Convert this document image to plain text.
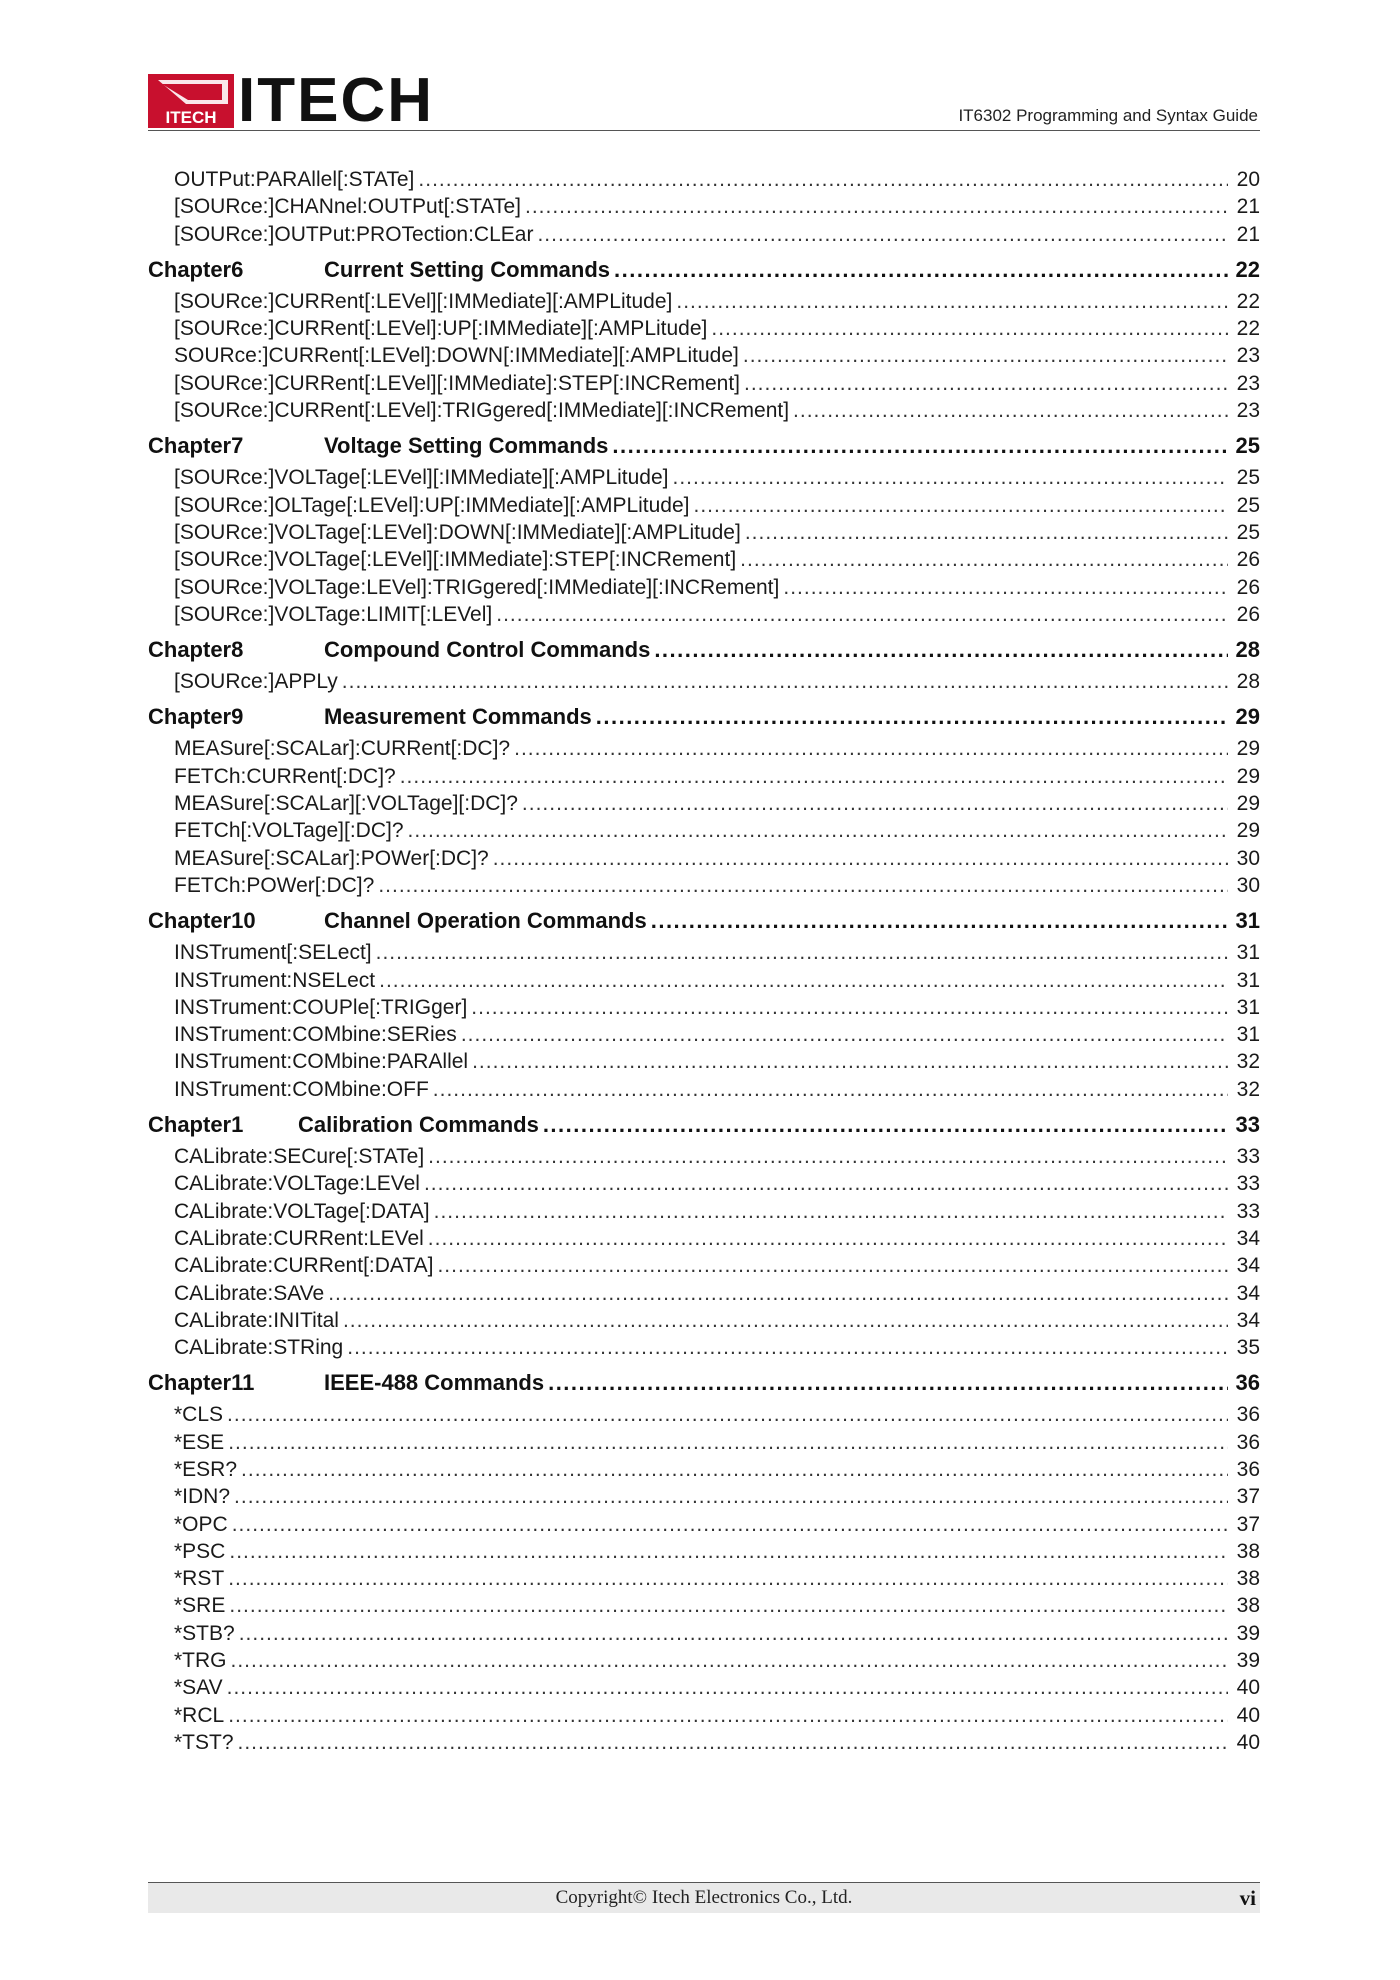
ITECH ITECH	IT6302 Programming and Syntax Guide
OUTPut:PARAllel[:STATe] .....	20
[SOURce:]CHANnel:OUTPut[:STATe] .....	21
[SOURce:]OUTPut:PROTection:CLEar .....	21
Chapter6	Current Setting Commands .....	22
[SOURce:]CURRent[:LEVel][:IMMediate][:AMPLitude] .....	22
[SOURce:]CURRent[:LEVel]:UP[:IMMediate][:AMPLitude] .....	22
SOURce:]CURRent[:LEVel]:DOWN[:IMMediate][:AMPLitude] .....	23
[SOURce:]CURRent[:LEVel][:IMMediate]:STEP[:INCRement] .....	23
[SOURce:]CURRent[:LEVel]:TRIGgered[:IMMediate][:INCRement] .....	23
Chapter7	Voltage Setting Commands .....	25
[SOURce:]VOLTage[:LEVel][:IMMediate][:AMPLitude] .....	25
[SOURce:]OLTage[:LEVel]:UP[:IMMediate][:AMPLitude] .....	25
[SOURce:]VOLTage[:LEVel]:DOWN[:IMMediate][:AMPLitude] .....	25
[SOURce:]VOLTage[:LEVel][:IMMediate]:STEP[:INCRement] .....	26
[SOURce:]VOLTage:LEVel]:TRIGgered[:IMMediate][:INCRement] .....	26
[SOURce:]VOLTage:LIMIT[:LEVel] .....	26
Chapter8	Compound Control Commands .....	28
[SOURce:]APPLy .....	28
Chapter9	Measurement Commands .....	29
MEASure[:SCALar]:CURRent[:DC]? .....	29
FETCh:CURRent[:DC]? .....	29
MEASure[:SCALar][:VOLTage][:DC]? .....	29
FETCh[:VOLTage][:DC]? .....	29
MEASure[:SCALar]:POWer[:DC]? .....	30
FETCh:POWer[:DC]? .....	30
Chapter10	Channel Operation Commands .....	31
INSTrument[:SELect] .....	31
INSTrument:NSELect .....	31
INSTrument:COUPle[:TRIGger] .....	31
INSTrument:COMbine:SERies .....	31
INSTrument:COMbine:PARAllel .....	32
INSTrument:COMbine:OFF .....	32
Chapter1	Calibration Commands .....	33
CALibrate:SECure[:STATe] .....	33
CALibrate:VOLTage:LEVel .....	33
CALibrate:VOLTage[:DATA] .....	33
CALibrate:CURRent:LEVel .....	34
CALibrate:CURRent[:DATA] .....	34
CALibrate:SAVe .....	34
CALibrate:INITital .....	34
CALibrate:STRing .....	35
Chapter11	IEEE-488 Commands .....	36
*CLS .....	36
*ESE .....	36
*ESR? .....	36
*IDN? .....	37
*OPC .....	37
*PSC .....	38
*RST .....	38
*SRE .....	38
*STB? .....	39
*TRG .....	39
*SAV .....	40
*RCL .....	40
*TST? .....	40
Copyright© Itech Electronics Co., Ltd.	vi
